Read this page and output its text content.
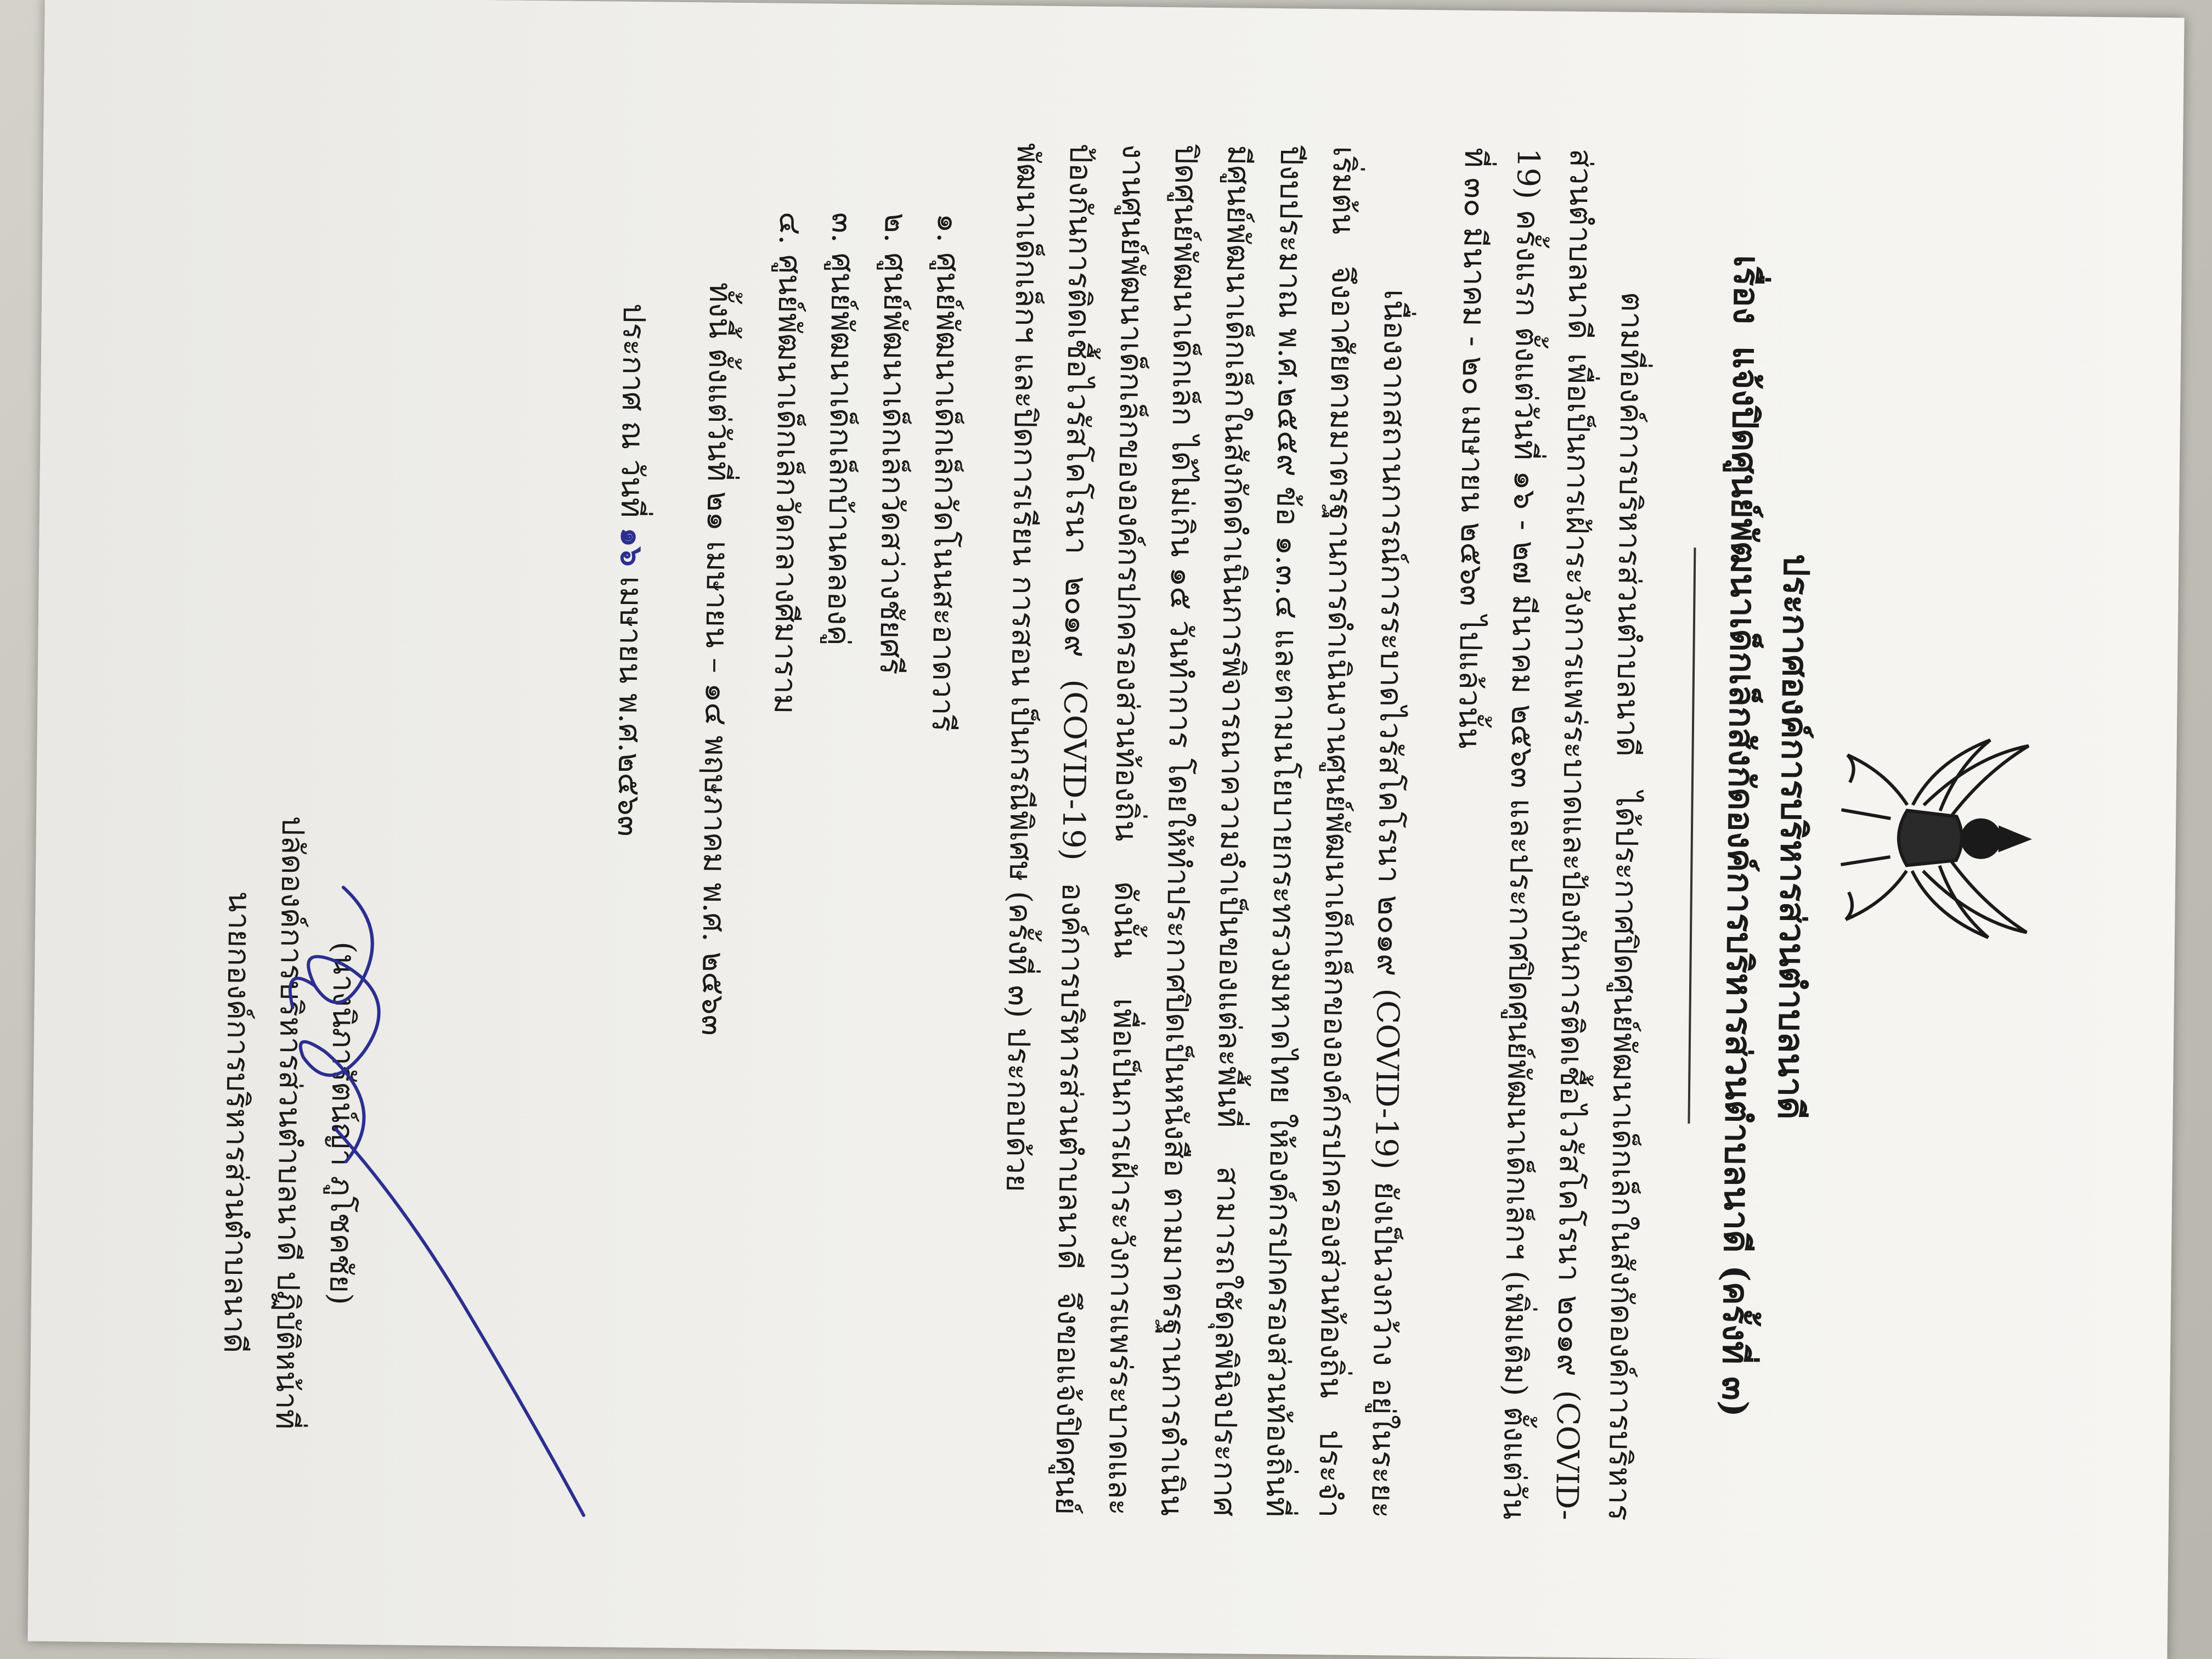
ประกาศองค์การบริหารส่วนตำบลนาดี

เรื่อง
แจ้งปิดศูนย์พัฒนาเด็กเล็กสังกัดองค์การบริหารส่วนตำบลนาดี (ครั้งที่ ๓)

ตามที่องค์การบริหารส่วนตำบลนาดี ได้ประกาศปิดศูนย์พัฒนาเด็กเล็กในสังกัดองค์การบริหารส่วนตำบลนาดี เพื่อเป็นการเฝ้าระวังการแพร่ระบาดและป้องกันการติดเชื้อไวรัสโคโรนา ๒๐๑๙ (COVID-19) ครั้งแรก ตั้งแต่วันที่ ๑๖ - ๒๗ มีนาคม ๒๕๖๓ และประกาศปิดศูนย์พัฒนาเด็กเล็กฯ (เพิ่มเติม) ตั้งแต่วันที่ ๓๐ มีนาคม - ๒๐ เมษายน ๒๕๖๓ ไปแล้วนั้น

เนื่องจากสถานการณ์การระบาดไวรัสโคโรนา ๒๐๑๙ (COVID-19) ยังเป็นวงกว้าง อยู่ในระยะเริ่มต้น จึงอาศัยตามมาตรฐานการดำเนินงานศูนย์พัฒนาเด็กเล็กขององค์กรปกครองส่วนท้องถิ่น ประจำปีงบประมาณ พ.ศ.๒๕๕๙ ข้อ ๑.๓.๔ และตามนโยบายกระทรวงมหาดไทย ให้องค์กรปกครองส่วนท้องถิ่นที่มีศูนย์พัฒนาเด็กเล็กในสังกัดดำเนินการพิจารณาความจำเป็นของแต่ละพื้นที่ สามารถใช้ดุลพินิจประกาศปิดศูนย์พัฒนาเด็กเล็ก ได้ไม่เกิน ๑๕ วันทำการ โดยให้ทำประกาศปิดเป็นหนังสือ ตามมาตรฐานการดำเนินงานศูนย์พัฒนาเด็กเล็กขององค์กรปกครองส่วนท้องถิ่น ดังนั้น เพื่อเป็นการเฝ้าระวังการแพร่ระบาดและป้องกันการติดเชื้อไวรัสโคโรนา ๒๐๑๙ (COVID-19) องค์การบริหารส่วนตำบลนาดี จึงขอแจ้งปิดศูนย์พัฒนาเด็กเล็กฯ และปิดการเรียน การสอน เป็นกรณีพิเศษ (ครั้งที่ ๓) ประกอบด้วย

๑. ศูนย์พัฒนาเด็กเล็กวัดโนนสะอาดวารี
๒. ศูนย์พัฒนาเด็กเล็กวัดสว่างชัยศรี
๓. ศูนย์พัฒนาเด็กเล็กบ้านคลองคู่
๔. ศูนย์พัฒนาเด็กเล็กวัดกลางศีมาราม

ทั้งนี้ ตั้งแต่วันที่ ๒๑ เมษายน – ๑๔ พฤษภาคม พ.ศ. ๒๕๖๓

ประกาศ ณ วันที่ ๑๖ เมษายน พ.ศ.๒๕๖๓

(นางนิภารัตน์ญา ภูโชคชัย)

ปลัดองค์การบริหารส่วนตำบลนาดี ปฏิบัติหน้าที่

นายกองค์การบริหารส่วนตำบลนาดี
